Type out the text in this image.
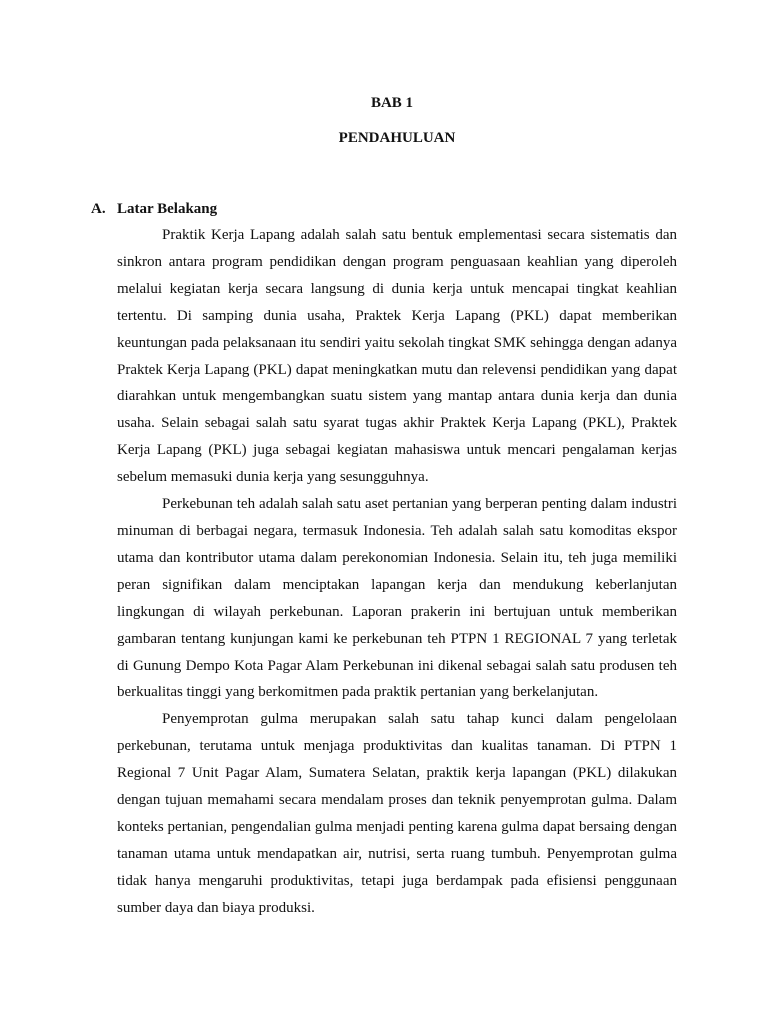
BAB 1
PENDAHULUAN
A. Latar Belakang

Praktik Kerja Lapang adalah salah satu bentuk emplementasi secara sistematis dan sinkron antara program pendidikan dengan program penguasaan keahlian yang diperoleh melalui kegiatan kerja secara langsung di dunia kerja untuk mencapai tingkat keahlian tertentu. Di samping dunia usaha, Praktek Kerja Lapang (PKL) dapat memberikan keuntungan pada pelaksanaan itu sendiri yaitu sekolah tingkat SMK sehingga dengan adanya Praktek Kerja Lapang (PKL) dapat meningkatkan mutu dan relevensi pendidikan yang dapat diarahkan untuk mengembangkan suatu sistem yang mantap antara dunia kerja dan dunia usaha. Selain sebagai salah satu syarat tugas akhir Praktek Kerja Lapang (PKL), Praktek Kerja Lapang (PKL) juga sebagai kegiatan mahasiswa untuk mencari pengalaman kerjas sebelum memasuki dunia kerja yang sesungguhnya.

Perkebunan teh adalah salah satu aset pertanian yang berperan penting dalam industri minuman di berbagai negara, termasuk Indonesia. Teh adalah salah satu komoditas ekspor utama dan kontributor utama dalam perekonomian Indonesia. Selain itu, teh juga memiliki peran signifikan dalam menciptakan lapangan kerja dan mendukung keberlanjutan lingkungan di wilayah perkebunan. Laporan prakerin ini bertujuan untuk memberikan gambaran tentang kunjungan kami ke perkebunan teh PTPN 1 REGIONAL 7 yang terletak di Gunung Dempo Kota Pagar Alam Perkebunan ini dikenal sebagai salah satu produsen teh berkualitas tinggi yang berkomitmen pada praktik pertanian yang berkelanjutan.

Penyemprotan gulma merupakan salah satu tahap kunci dalam pengelolaan perkebunan, terutama untuk menjaga produktivitas dan kualitas tanaman. Di PTPN 1 Regional 7 Unit Pagar Alam, Sumatera Selatan, praktik kerja lapangan (PKL) dilakukan dengan tujuan memahami secara mendalam proses dan teknik penyemprotan gulma. Dalam konteks pertanian, pengendalian gulma menjadi penting karena gulma dapat bersaing dengan tanaman utama untuk mendapatkan air, nutrisi, serta ruang tumbuh. Penyemprotan gulma tidak hanya mengaruhi produktivitas, tetapi juga berdampak pada efisiensi penggunaan sumber daya dan biaya produksi.
